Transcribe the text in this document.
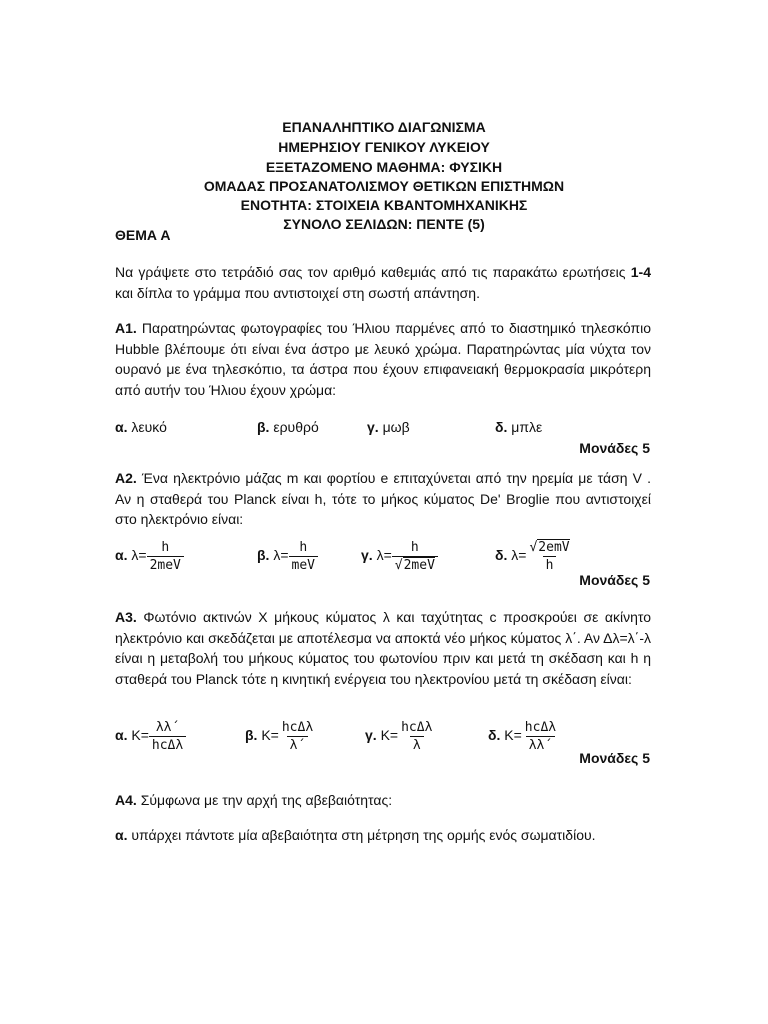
ΕΠΑΝΑΛΗΠΤΙΚΟ ΔΙΑΓΩΝΙΣΜΑ
ΗΜΕΡΗΣΙΟΥ ΓΕΝΙΚΟΥ ΛΥΚΕΙΟΥ
ΕΞΕΤΑΖΟΜΕΝΟ ΜΑΘΗΜΑ: ΦΥΣΙΚΗ
ΟΜΑΔΑΣ ΠΡΟΣΑΝΑΤΟΛΙΣΜΟΥ ΘΕΤΙΚΩΝ ΕΠΙΣΤΗΜΩΝ
ΕΝΟΤΗΤΑ: ΣΤΟΙΧΕΙΑ ΚΒΑΝΤΟΜΗΧΑΝΙΚΗΣ
ΣΥΝΟΛΟ ΣΕΛΙΔΩΝ: ΠΕΝΤΕ (5)
ΘΕΜΑ Α
Να γράψετε στο τετράδιό σας τον αριθμό καθεμιάς από τις παρακάτω ερωτήσεις 1-4 και δίπλα το γράμμα που αντιστοιχεί στη σωστή απάντηση.
Α1. Παρατηρώντας φωτογραφίες του Ήλιου παρμένες από το διαστημικό τηλεσκόπιο Hubble βλέπουμε ότι είναι ένα άστρο με λευκό χρώμα. Παρατηρώντας μία νύχτα τον ουρανό με ένα τηλεσκόπιο, τα άστρα που έχουν επιφανειακή θερμοκρασία μικρότερη από αυτήν του Ήλιου έχουν χρώμα:
α. λευκό	β. ερυθρό	γ. μωβ	δ. μπλε
Μονάδες 5
Α2. Ένα ηλεκτρόνιο μάζας m και φορτίου e επιταχύνεται από την ηρεμία με τάση V . Αν η σταθερά του Planck είναι h, τότε το μήκος κύματος De' Broglie που αντιστοιχεί στο ηλεκτρόνιο είναι:
α. $\lambda= \frac{h}{\text{2meV}}$	β. $\lambda= \frac{h}{\text{meV}}$	γ. $\lambda= \frac{h}{\text{√2meV}}$	δ. $\lambda= \frac{\text{√2emV}}{h}$
Μονάδες 5
Α3. Φωτόνιο ακτινών Χ μήκους κύματος λ και ταχύτητας c προσκρούει σε ακίνητο ηλεκτρόνιο και σκεδάζεται με αποτέλεσμα να αποκτά νέο μήκος κύματος λ΄. Αν Δλ=λ΄-λ είναι η μεταβολή του μήκους κύματος του φωτονίου πριν και μετά τη σκέδαση και h η σταθερά του Planck τότε η κινητική ενέργεια του ηλεκτρονίου μετά τη σκέδαση είναι:
α. $K= \frac{\lambda\lambda΄}{\text{hcΔλ}}$	β. $K= \frac{\text{hcΔλ}}{\lambda΄}$	γ. $K= \frac{\text{hcΔλ}}{\lambda}$	δ. $K= \frac{\text{hcΔλ}}{\lambda\lambda΄}$
Μονάδες 5
Α4. Σύμφωνα με την αρχή της αβεβαιότητας:
α. υπάρχει πάντοτε μία αβεβαιότητα στη μέτρηση της ορμής ενός σωματιδίου.
